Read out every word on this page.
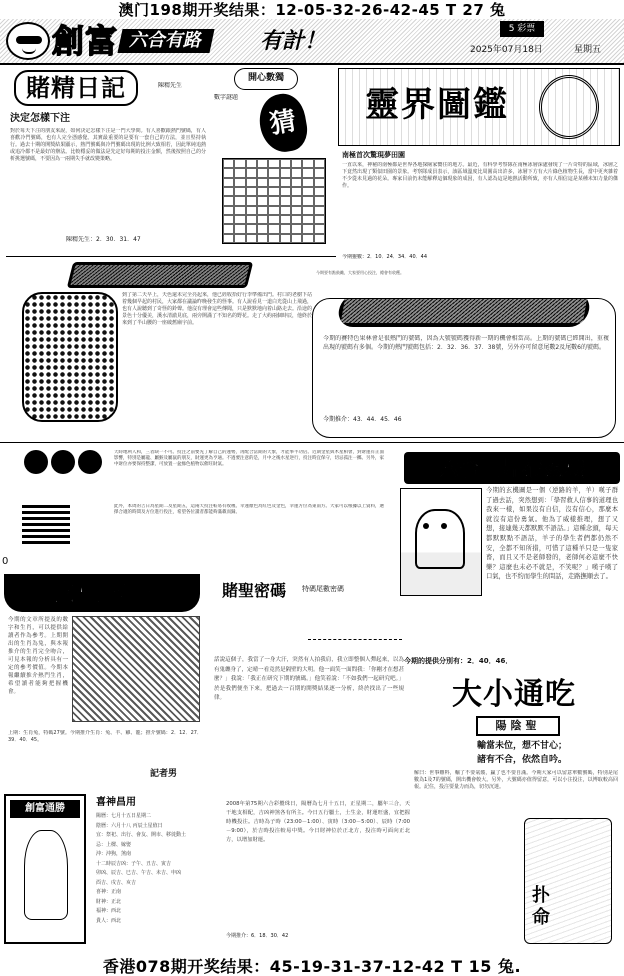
澳门198期开奖结果：12-05-32-26-42-45 T 27 兔
創富 六合有路	有計！	5 彩票
2025年07月18日	星期五
賭精日記	陳精先生
決定怎樣下注
對於每天下注的朋友來說，如何決定怎樣下注是一門大學問。有人喜歡跟熱門號碼，有人喜歡冷門號碼，也有人完全憑感覺。其實最重要的是要有一套自己的方法，並且堅持執行。過去十期的開獎結果顯示，熱門號碼與冷門號碼出現的比例大致相若，因此單純追熱或追冷都不是最好的辦法。比較穩妥的做法是先定好每期的投注金額，然後按照自己的分析挑選號碼，不要因為一兩期失手就改變策略。
陳精先生：2．30．31．47
開心數獨
猜
數字謎題	靈界圖鑑
南極首次驚現夢田園
一直以來，神秘的南極都是世界各地探險家嚮往的地方。最近，有科學考察隊在南極冰層深處發現了一片奇特的區域，冰層之下竟然出現了類似田園的景象。考察隊成員表示，該區域溫度比周圍高出許多，冰層下方有大片綠色植物生長，當中更夾雜着不少從未見過的花朵。專家目前仍未能解釋這個現象的成因，有人認為這是地熱活動所致，亦有人相信這是某種未知力量的傑作。
今期靈數：2．10．24．34．40．44
到了第二天早上，天色還未完全亮起來，他已經收拾好行李準備出門。村口的老樹下站着幾個早起的村民，大家都在議論昨晚發生的怪事。有人說看見一道白光從山上飛過，也有人說聽到了奇怪的鈴聲。他沒有理會這些傳聞，只是默默地向着山路走去。沿途的景色十分優美，溪水清澈見底，兩旁開滿了不知名的野花。走了大約兩個時辰，他終於來到了半山腰的一座破舊廟宇前。
今期要有點鼓勵，大家要用心投注，總會有收穫。
今期的賽特色果林會是很熱門的號碼，因為大號號碼獲得新一期的機會相當高。上期的號碼已經開出，重複出現的號碼有多個。今期的熱門號碼包括：2．32．36．37．38號，另外亦可留意尾數2及尾數6的號碼。
今期推介：43．44．45．46
天時地利人和，三者缺一不可。投注之前要先了解自己的運勢，再配合當期的天象，才能事半功倍。近期金星與木星相會，對財運有正面影響，特別是屬龍、屬猴及屬鼠的朋友，財運更為亨通。不過要注意的是，月中之後水星逆行，投注時宜保守，切忌孤注一擲。另外，家中財位亦要保持整潔，可放置一盆綠色植物以催旺財氣。
此外，本周的吉日為星期二及星期五，這兩天投注較易有收穫。幸運顏色為紅色及金色，幸運方位為東南方。大家可以根據以上資料，選擇合適的時間及方位進行投注，希望各位讀者都能夠滿載而歸。
六合圖片猜玄機
今期的玄機圖是一個（逆路的羊，羊）嘆子群了過去話，突然想到：「學習救人信事的道理也我來一樣，如果沒有自信，沒有信心，那麼本就沒有這份勇氣。他為了威樣推理，想了又想，接連幾天都默默不語話。」這種念頭，每天都默默點不語話，羊子的學生者們都仍然不安，全都不知所措，可惜了這種羊只是一隻家畜，而且又不是老師發的，老師何必這麼不快樂？這麼也未必不就是，不笑呢？」嘆子嘆了口氣，也不約而學生的問話，走路撫順去了。
今期的提供分別有：2．40．46．
0
玄機號外
今期的文章所提及的數字和生肖，可以提供給讀者作為參考。上期開出的生肖為兔，與本報推介的生肖完全吻合，可見本報的分析具有一定的參考價值。今期本報繼續推介熱門生肖，希望讀者能夠把握機會。
上期：生肖兔，特碼27號。今期推介生肖：兔、羊、雞、龍；推介號碼：2．12．27．39．40．45。
記者男
賭聖密碼 特碼尾數密碼
話說這個子，我當了一身大汗，突然有人拍我肩，我立即整個人彈起來，以為有鬼纏身了，定晴一看竟然是隔壁的大明。他一面笑一面問我：「你剛才在想甚麼？」我說：「我正在研究下期的號碼。」他笑着說：「不如我們一起研究吧。」於是我們便坐下來，把過去一百期的開獎結果逐一分析，終於找出了一些規律。	大小通吃
陽陰聖
輸當未位，想不甘心；
諸有不合，依然自吟。
解曰：世事難料，輸了不要氣餒，贏了也不要自滿。今期大家可以留意單數號碼，特別是尾數為1及7的號碼，開出機會較大。另外，大號碼亦值得留意，可以小注投注，以博取較高回報。記住，投注要量力而為，切勿沉迷。
創富通勝
喜神昌用
陽曆：七月十五日星期二
陰曆：六月十八 丙辰土星值日
宜：祭祀、出行、會友、開市、移徙動土
忌：上樑、嫁娶
沖：沖狗，煞南
十二時辰吉凶：子午、丑吉、寅吉
卯凶、辰吉、巳吉、午吉、未吉、申凶
酉吉、戌吉、亥吉
喜神：正南
財神：正北
福神：西北
貴人：西北
2008年第75期六合彩攪珠日，陽曆為七月十五日，正星期二，屬年三合，天干地支相配，吉凶神煞各有所主。今日五行屬土，土生金，財運旺盛，宜把握時機投注。吉時為子時（23:00－1:00）、寅時（3:00－5:00）、辰時（7:00－9:00），於吉時投注較易中獎。今日財神位於正北方，投注時可面向正北方，以增加財運。
今期推介：6．18．30．42
扑命
香港078期开奖结果：45-19-31-37-12-42 T 15 兔.
